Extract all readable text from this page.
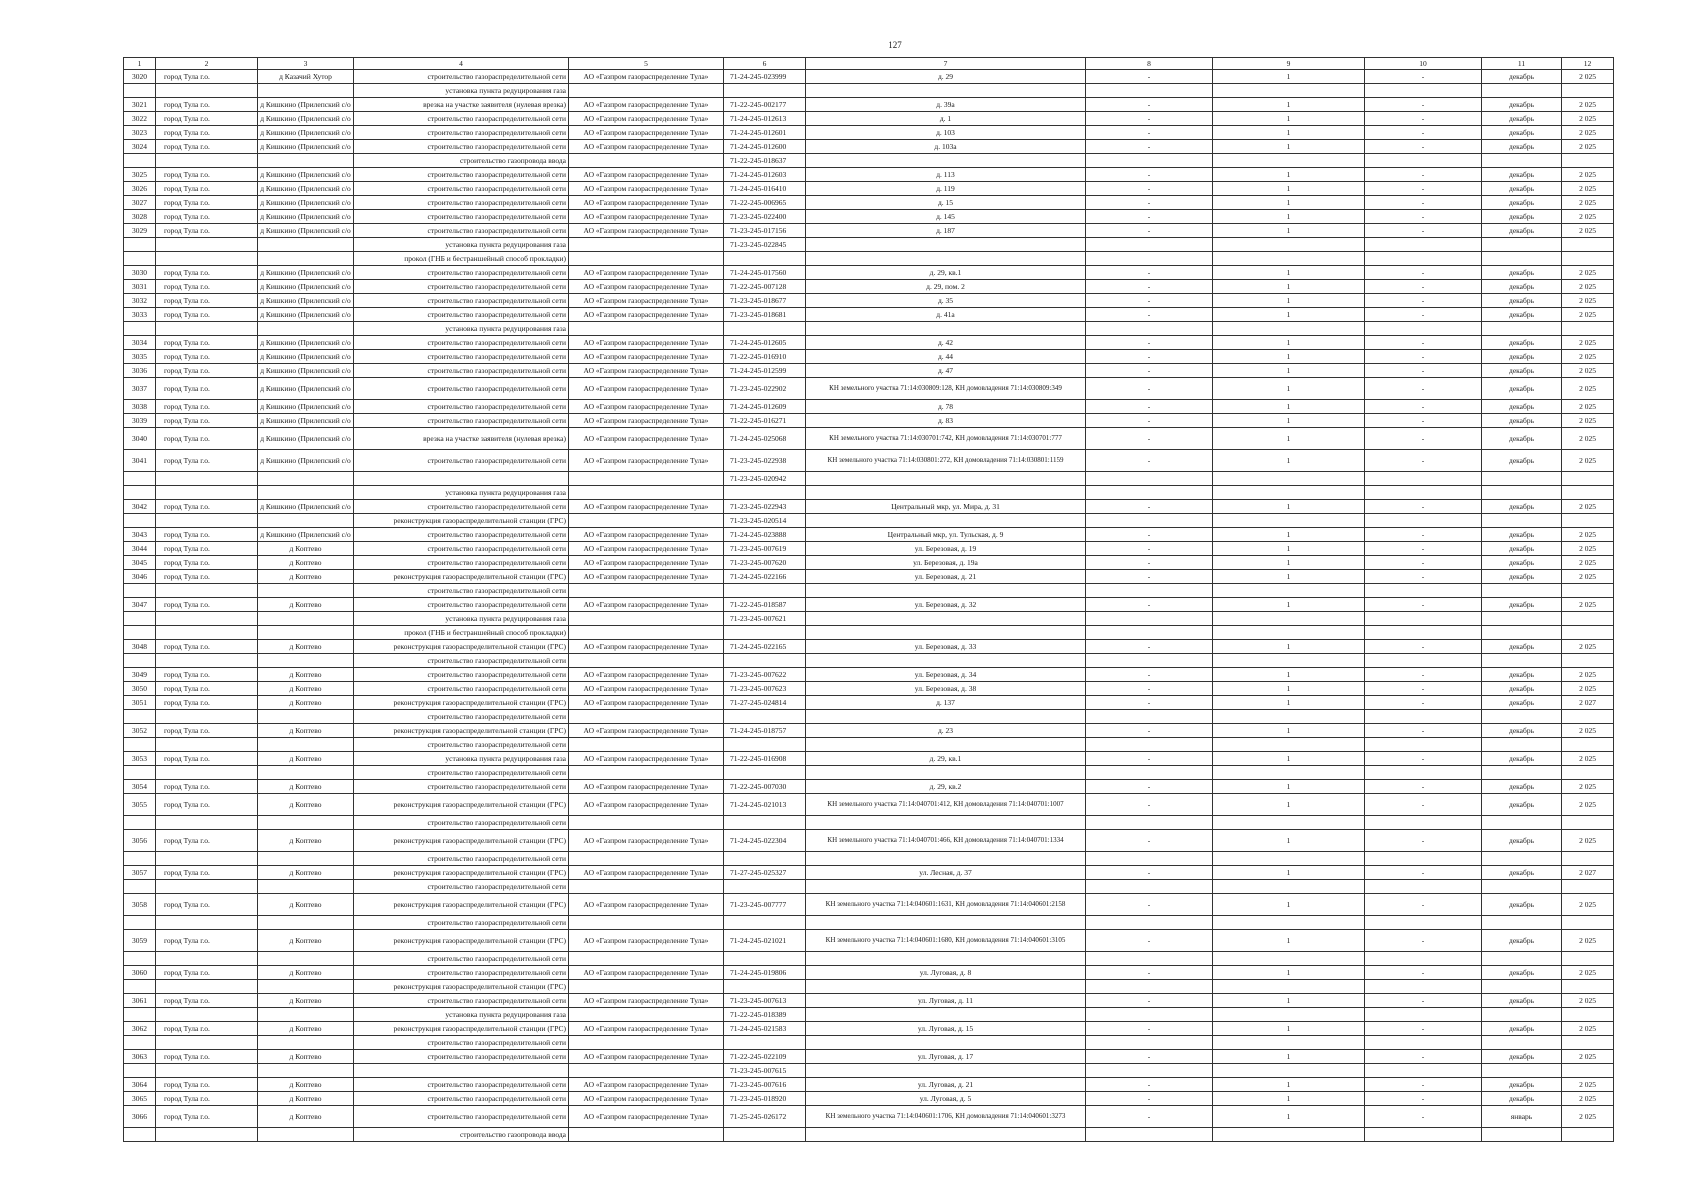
127
1	2	3	4	5	6	7	8	9	10	11	12
3020	город Тула г.о.	д Казачий Хутор	строительство газораспределительной сети	АО «Газпром газораспределение Тула»	71-24-245-023999	д. 29	-	1	-	декабрь	2 025
			установка пункта редуцирования газа								
3021	город Тула г.о.	д Кишкино (Прилепский с/о	врезка на участке заявителя (нулевая врезка)	АО «Газпром газораспределение Тула»	71-22-245-002177	д. 39а	-	1	-	декабрь	2 025
3022	город Тула г.о.	д Кишкино (Прилепский с/о	строительство газораспределительной сети	АО «Газпром газораспределение Тула»	71-24-245-012613	д. 1	-	1	-	декабрь	2 025
3023	город Тула г.о.	д Кишкино (Прилепский с/о	строительство газораспределительной сети	АО «Газпром газораспределение Тула»	71-24-245-012601	д. 103	-	1	-	декабрь	2 025
3024	город Тула г.о.	д Кишкино (Прилепский с/о	строительство газораспределительной сети	АО «Газпром газораспределение Тула»	71-24-245-012600	д. 103а	-	1	-	декабрь	2 025
			строительство газопровода ввода		71-22-245-018637						
3025	город Тула г.о.	д Кишкино (Прилепский с/о	строительство газораспределительной сети	АО «Газпром газораспределение Тула»	71-24-245-012603	д. 113	-	1	-	декабрь	2 025
3026	город Тула г.о.	д Кишкино (Прилепский с/о	строительство газораспределительной сети	АО «Газпром газораспределение Тула»	71-24-245-016410	д. 119	-	1	-	декабрь	2 025
3027	город Тула г.о.	д Кишкино (Прилепский с/о	строительство газораспределительной сети	АО «Газпром газораспределение Тула»	71-22-245-006965	д. 15	-	1	-	декабрь	2 025
3028	город Тула г.о.	д Кишкино (Прилепский с/о	строительство газораспределительной сети	АО «Газпром газораспределение Тула»	71-23-245-022400	д. 145	-	1	-	декабрь	2 025
3029	город Тула г.о.	д Кишкино (Прилепский с/о	строительство газораспределительной сети	АО «Газпром газораспределение Тула»	71-23-245-017156	д. 187	-	1	-	декабрь	2 025
			установка пункта редуцирования газа		71-23-245-022845						
			прокол (ГНБ и бестраншейный способ прокладки)								
3030	город Тула г.о.	д Кишкино (Прилепский с/о	строительство газораспределительной сети	АО «Газпром газораспределение Тула»	71-24-245-017560	д. 29, кв.1	-	1	-	декабрь	2 025
3031	город Тула г.о.	д Кишкино (Прилепский с/о	строительство газораспределительной сети	АО «Газпром газораспределение Тула»	71-22-245-007128	д. 29, пом. 2	-	1	-	декабрь	2 025
3032	город Тула г.о.	д Кишкино (Прилепский с/о	строительство газораспределительной сети	АО «Газпром газораспределение Тула»	71-23-245-018677	д. 35	-	1	-	декабрь	2 025
3033	город Тула г.о.	д Кишкино (Прилепский с/о	строительство газораспределительной сети	АО «Газпром газораспределение Тула»	71-23-245-018681	д. 41а	-	1	-	декабрь	2 025
			установка пункта редуцирования газа								
3034	город Тула г.о.	д Кишкино (Прилепский с/о	строительство газораспределительной сети	АО «Газпром газораспределение Тула»	71-24-245-012605	д. 42	-	1	-	декабрь	2 025
3035	город Тула г.о.	д Кишкино (Прилепский с/о	строительство газораспределительной сети	АО «Газпром газораспределение Тула»	71-22-245-016910	д. 44	-	1	-	декабрь	2 025
3036	город Тула г.о.	д Кишкино (Прилепский с/о	строительство газораспределительной сети	АО «Газпром газораспределение Тула»	71-24-245-012599	д. 47	-	1	-	декабрь	2 025
3037	город Тула г.о.	д Кишкино (Прилепский с/о	строительство газораспределительной сети	АО «Газпром газораспределение Тула»	71-23-245-022902	КН земельного участка 71:14:030809:128, КН домовладения 71:14:030809:349	-	1	-	декабрь	2 025
3038	город Тула г.о.	д Кишкино (Прилепский с/о	строительство газораспределительной сети	АО «Газпром газораспределение Тула»	71-24-245-012609	д. 78	-	1	-	декабрь	2 025
3039	город Тула г.о.	д Кишкино (Прилепский с/о	строительство газораспределительной сети	АО «Газпром газораспределение Тула»	71-22-245-016271	д. 83	-	1	-	декабрь	2 025
3040	город Тула г.о.	д Кишкино (Прилепский с/о	врезка на участке заявителя (нулевая врезка)	АО «Газпром газораспределение Тула»	71-24-245-025068	КН земельного участка 71:14:030701:742, КН домовладения 71:14:030701:777	-	1	-	декабрь	2 025
3041	город Тула г.о.	д Кишкино (Прилепский с/о	строительство газораспределительной сети	АО «Газпром газораспределение Тула»	71-23-245-022938	КН земельного участка 71:14:030801:272, КН домовладения 71:14:030801:1159	-	1	-	декабрь	2 025
					71-23-245-020942						
			установка пункта редуцирования газа								
3042	город Тула г.о.	д Кишкино (Прилепский с/о	строительство газораспределительной сети	АО «Газпром газораспределение Тула»	71-23-245-022943	Центральный мкр, ул. Мира, д. 31	-	1	-	декабрь	2 025
			реконструкция газораспределительной станции (ГРС)		71-23-245-020514						
3043	город Тула г.о.	д Кишкино (Прилепский с/о	строительство газораспределительной сети	АО «Газпром газораспределение Тула»	71-24-245-023888	Центральный мкр, ул. Тульская, д. 9	-	1	-	декабрь	2 025
3044	город Тула г.о.	д Коптево	строительство газораспределительной сети	АО «Газпром газораспределение Тула»	71-23-245-007619	ул. Березовая, д. 19	-	1	-	декабрь	2 025
3045	город Тула г.о.	д Коптево	строительство газораспределительной сети	АО «Газпром газораспределение Тула»	71-23-245-007620	ул. Березовая, д. 19а	-	1	-	декабрь	2 025
3046	город Тула г.о.	д Коптево	реконструкция газораспределительной станции (ГРС)	АО «Газпром газораспределение Тула»	71-24-245-022166	ул. Березовая, д. 21	-	1	-	декабрь	2 025
			строительство газораспределительной сети								
3047	город Тула г.о.	д Коптево	строительство газораспределительной сети	АО «Газпром газораспределение Тула»	71-22-245-018587	ул. Березовая, д. 32	-	1	-	декабрь	2 025
			установка пункта редуцирования газа		71-23-245-007621						
			прокол (ГНБ и бестраншейный способ прокладки)								
3048	город Тула г.о.	д Коптево	реконструкция газораспределительной станции (ГРС)	АО «Газпром газораспределение Тула»	71-24-245-022165	ул. Березовая, д. 33	-	1	-	декабрь	2 025
			строительство газораспределительной сети								
3049	город Тула г.о.	д Коптево	строительство газораспределительной сети	АО «Газпром газораспределение Тула»	71-23-245-007622	ул. Березовая, д. 34	-	1	-	декабрь	2 025
3050	город Тула г.о.	д Коптево	строительство газораспределительной сети	АО «Газпром газораспределение Тула»	71-23-245-007623	ул. Березовая, д. 38	-	1	-	декабрь	2 025
3051	город Тула г.о.	д Коптево	реконструкция газораспределительной станции (ГРС)	АО «Газпром газораспределение Тула»	71-27-245-024814	д. 137	-	1	-	декабрь	2 027
			строительство газораспределительной сети								
3052	город Тула г.о.	д Коптево	реконструкция газораспределительной станции (ГРС)	АО «Газпром газораспределение Тула»	71-24-245-018757	д. 23	-	1	-	декабрь	2 025
			строительство газораспределительной сети								
3053	город Тула г.о.	д Коптево	установка пункта редуцирования газа	АО «Газпром газораспределение Тула»	71-22-245-016908	д. 29, кв.1	-	1	-	декабрь	2 025
			строительство газораспределительной сети								
3054	город Тула г.о.	д Коптево	строительство газораспределительной сети	АО «Газпром газораспределение Тула»	71-22-245-007030	д. 29, кв.2	-	1	-	декабрь	2 025
3055	город Тула г.о.	д Коптево	реконструкция газораспределительной станции (ГРС)	АО «Газпром газораспределение Тула»	71-24-245-021013	КН земельного участка 71:14:040701:412, КН домовладения 71:14:040701:1007	-	1	-	декабрь	2 025
			строительство газораспределительной сети								
3056	город Тула г.о.	д Коптево	реконструкция газораспределительной станции (ГРС)	АО «Газпром газораспределение Тула»	71-24-245-022304	КН земельного участка 71:14:040701:466, КН домовладения 71:14:040701:1334	-	1	-	декабрь	2 025
			строительство газораспределительной сети								
3057	город Тула г.о.	д Коптево	реконструкция газораспределительной станции (ГРС)	АО «Газпром газораспределение Тула»	71-27-245-025327	ул. Лесная, д. 37	-	1	-	декабрь	2 027
			строительство газораспределительной сети								
3058	город Тула г.о.	д Коптево	реконструкция газораспределительной станции (ГРС)	АО «Газпром газораспределение Тула»	71-23-245-007777	КН земельного участка 71:14:040601:1631, КН домовладения 71:14:040601:2158	-	1	-	декабрь	2 025
			строительство газораспределительной сети								
3059	город Тула г.о.	д Коптево	реконструкция газораспределительной станции (ГРС)	АО «Газпром газораспределение Тула»	71-24-245-021021	КН земельного участка 71:14:040601:1680, КН домовладения 71:14:040601:3105	-	1	-	декабрь	2 025
			строительство газораспределительной сети								
3060	город Тула г.о.	д Коптево	строительство газораспределительной сети	АО «Газпром газораспределение Тула»	71-24-245-019806	ул. Луговая, д. 8	-	1	-	декабрь	2 025
			реконструкция газораспределительной станции (ГРС)								
3061	город Тула г.о.	д Коптево	строительство газораспределительной сети	АО «Газпром газораспределение Тула»	71-23-245-007613	ул. Луговая, д. 11	-	1	-	декабрь	2 025
			установка пункта редуцирования газа		71-22-245-018389						
3062	город Тула г.о.	д Коптево	реконструкция газораспределительной станции (ГРС)	АО «Газпром газораспределение Тула»	71-24-245-021583	ул. Луговая, д. 15	-	1	-	декабрь	2 025
			строительство газораспределительной сети								
3063	город Тула г.о.	д Коптево	строительство газораспределительной сети	АО «Газпром газораспределение Тула»	71-22-245-022109	ул. Луговая, д. 17	-	1	-	декабрь	2 025
					71-23-245-007615						
3064	город Тула г.о.	д Коптево	строительство газораспределительной сети	АО «Газпром газораспределение Тула»	71-23-245-007616	ул. Луговая, д. 21	-	1	-	декабрь	2 025
3065	город Тула г.о.	д Коптево	строительство газораспределительной сети	АО «Газпром газораспределение Тула»	71-23-245-018920	ул. Луговая, д. 5	-	1	-	декабрь	2 025
3066	город Тула г.о.	д Коптево	строительство газораспределительной сети	АО «Газпром газораспределение Тула»	71-25-245-026172	КН земельного участка 71:14:040601:1706, КН домовладения 71:14:040601:3273	-	1	-	январь	2 025
			строительство газопровода ввода								
